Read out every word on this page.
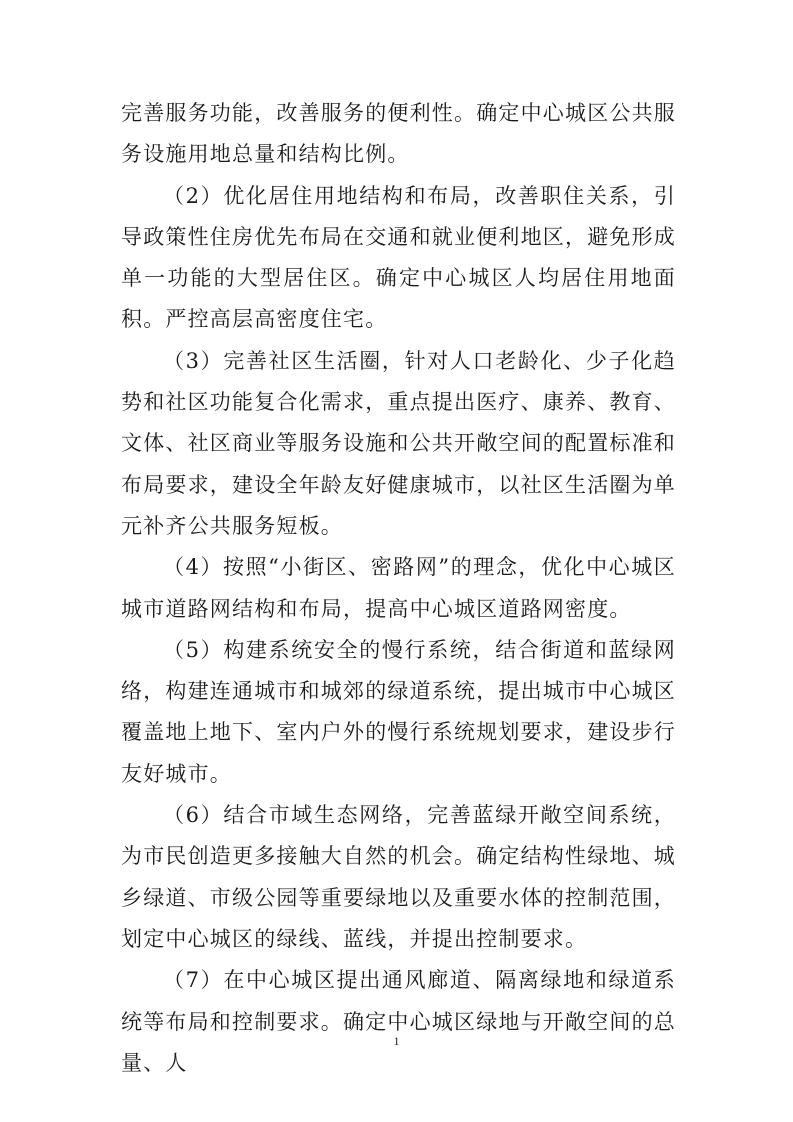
完善服务功能，改善服务的便利性。确定中心城区公共服务设施用地总量和结构比例。

（2）优化居住用地结构和布局，改善职住关系，引导政策性住房优先布局在交通和就业便利地区，避免形成单一功能的大型居住区。确定中心城区人均居住用地面积。严控高层高密度住宅。

（3）完善社区生活圈，针对人口老龄化、少子化趋势和社区功能复合化需求，重点提出医疗、康养、教育、文体、社区商业等服务设施和公共开敞空间的配置标准和布局要求，建设全年龄友好健康城市，以社区生活圈为单元补齐公共服务短板。

（4）按照“小街区、密路网”的理念，优化中心城区城市道路网结构和布局，提高中心城区道路网密度。

（5）构建系统安全的慢行系统，结合街道和蓝绿网络，构建连通城市和城郊的绿道系统，提出城市中心城区覆盖地上地下、室内户外的慢行系统规划要求，建设步行友好城市。

（6）结合市域生态网络，完善蓝绿开敞空间系统，为市民创造更多接触大自然的机会。确定结构性绿地、城乡绿道、市级公园等重要绿地以及重要水体的控制范围，划定中心城区的绿线、蓝线，并提出控制要求。

（7）在中心城区提出通风廊道、隔离绿地和绿道系统等布局和控制要求。确定中心城区绿地与开敞空间的总量、人

1
